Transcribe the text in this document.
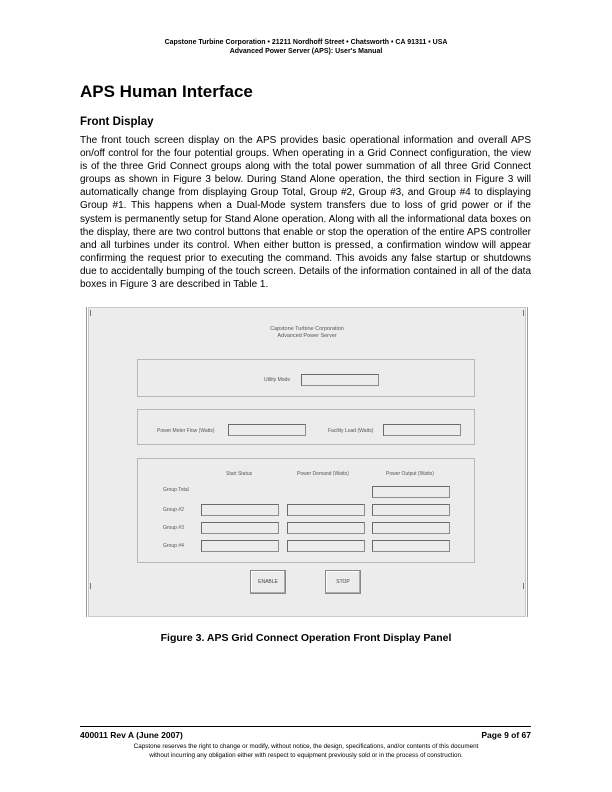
Capstone Turbine Corporation • 21211 Nordhoff Street • Chatsworth • CA 91311 • USA
Advanced Power Server (APS): User's Manual
APS Human Interface
Front Display

The front touch screen display on the APS provides basic operational information and overall APS on/off control for the four potential groups. When operating in a Grid Connect configuration, the view is of the three Grid Connect groups along with the total power summation of all three Grid Connect groups as shown in Figure 3 below. During Stand Alone operation, the third section in Figure 3 will automatically change from displaying Group Total, Group #2, Group #3, and Group #4 to displaying Group #1. This happens when a Dual-Mode system transfers due to loss of grid power or if the system is permanently setup for Stand Alone operation. Along with all the informational data boxes on the display, there are two control buttons that enable or stop the operation of the entire APS controller and all turbines under its control. When either button is pressed, a confirmation window will appear confirming the request prior to executing the command. This avoids any false startup or shutdowns due to accidentally bumping of the touch screen. Details of the information contained in all of the data boxes in Figure 3 are described in Table 1.

Capstone Turbine Corporation
Advanced Power Server
Utility Mode
Power Meter Flow (Watts)	Facility Load (Watts)
Start Status	Power Demand (Watts)	Power Output (Watts)
Group Total
Group #2
Group #3
Group #4
ENABLE	STOP
Figure 3. APS Grid Connect Operation Front Display Panel
400011 Rev A (June 2007)	Page 9 of 67
Capstone reserves the right to change or modify, without notice, the design, specifications, and/or contents of this document
without incurring any obligation either with respect to equipment previously sold or in the process of construction.
